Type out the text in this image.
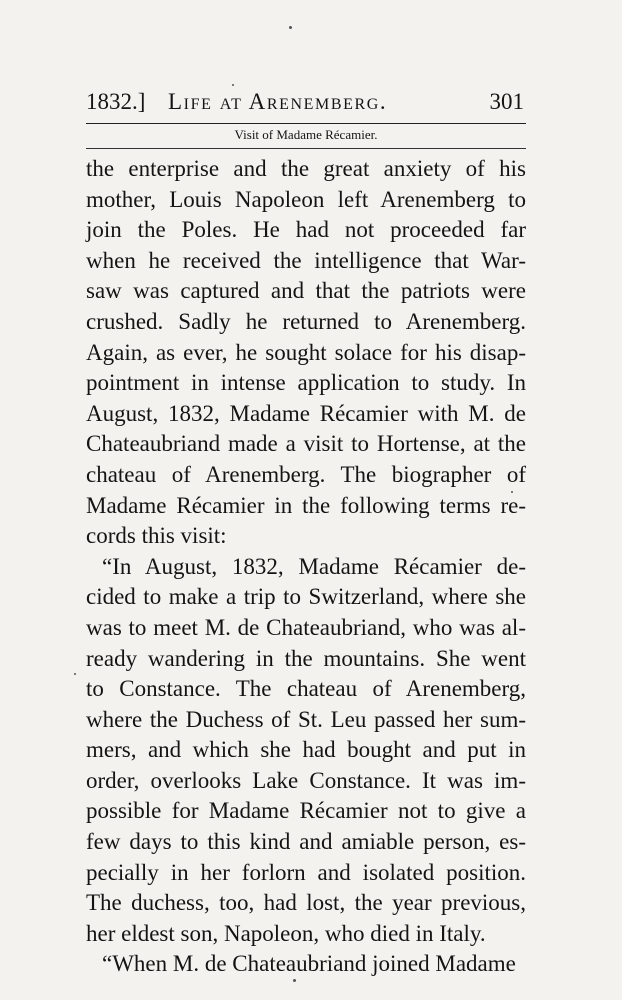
1832.] Life at Arenemberg.	301
Visit of Madame Récamier.
the enterprise and the great anxiety of his
mother, Louis Napoleon left Arenemberg to
join the Poles. He had not proceeded far
when he received the intelligence that War-
saw was captured and that the patriots were
crushed. Sadly he returned to Arenemberg.
Again, as ever, he sought solace for his disap-
pointment in intense application to study. In
August, 1832, Madame Récamier with M. de
Chateaubriand made a visit to Hortense, at the
chateau of Arenemberg. The biographer of
Madame Récamier in the following terms re-
cords this visit:
“In August, 1832, Madame Récamier de-
cided to make a trip to Switzerland, where she
was to meet M. de Chateaubriand, who was al-
ready wandering in the mountains. She went
to Constance. The chateau of Arenemberg,
where the Duchess of St. Leu passed her sum-
mers, and which she had bought and put in
order, overlooks Lake Constance. It was im-
possible for Madame Récamier not to give a
few days to this kind and amiable person, es-
pecially in her forlorn and isolated position.
The duchess, too, had lost, the year previous,
her eldest son, Napoleon, who died in Italy.
“When M. de Chateaubriand joined Madame
